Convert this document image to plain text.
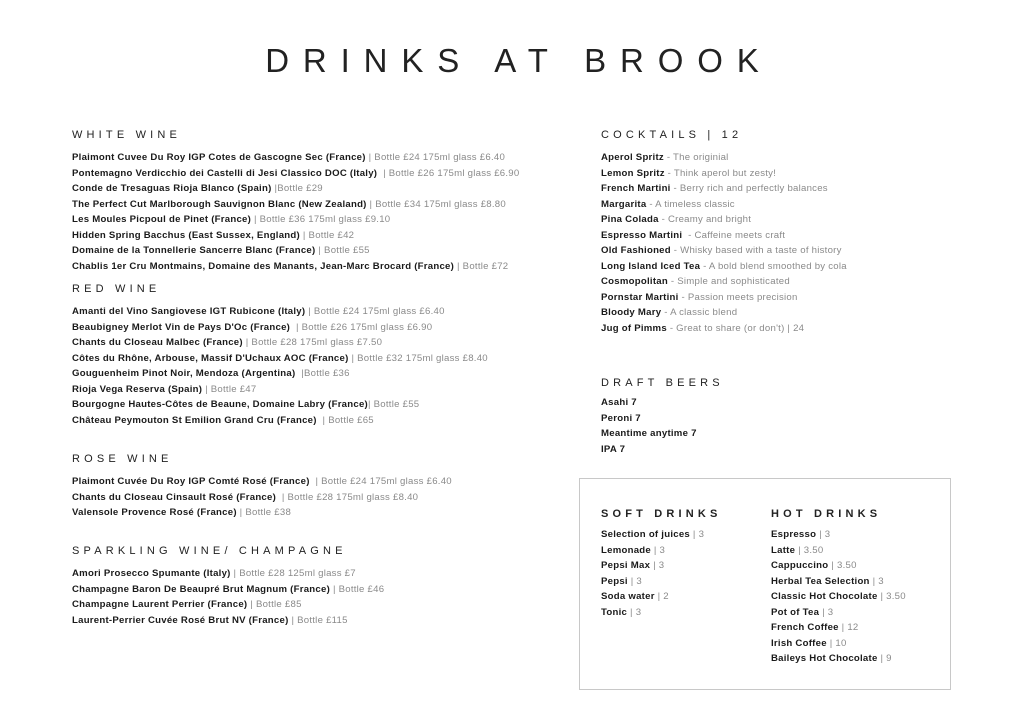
DRINKS AT BROOK
WHITE WINE
Plaimont Cuvee Du Roy IGP Cotes de Gascogne Sec (France) | Bottle £24 175ml glass £6.40
Pontemagno Verdicchio dei Castelli di Jesi Classico DOC (Italy)  | Bottle £26 175ml glass £6.90
Conde de Tresaguas Rioja Blanco (Spain) |Bottle £29
The Perfect Cut Marlborough Sauvignon Blanc (New Zealand) | Bottle £34 175ml glass £8.80
Les Moules Picpoul de Pinet (France) | Bottle £36 175ml glass £9.10
Hidden Spring Bacchus (East Sussex, England) | Bottle £42
Domaine de la Tonnellerie Sancerre Blanc (France) | Bottle £55
Chablis 1er Cru Montmains, Domaine des Manants, Jean-Marc Brocard (France) | Bottle £72
RED WINE
Amanti del Vino Sangiovese IGT Rubicone (Italy) | Bottle £24 175ml glass £6.40
Beaubigney Merlot Vin de Pays D'Oc (France)  | Bottle £26 175ml glass £6.90
Chants du Closeau Malbec (France) | Bottle £28 175ml glass £7.50
Côtes du Rhône, Arbouse, Massif D'Uchaux AOC (France) | Bottle £32 175ml glass £8.40
Gouguenheim Pinot Noir, Mendoza (Argentina)  |Bottle £36
Rioja Vega Reserva (Spain) | Bottle £47
Bourgogne Hautes-Côtes de Beaune, Domaine Labry (France)| Bottle £55
Château Peymouton St Emilion Grand Cru (France)  | Bottle £65
ROSE WINE
Plaimont Cuvée Du Roy IGP Comté Rosé (France)  | Bottle £24 175ml glass £6.40
Chants du Closeau Cinsault Rosé (France)  | Bottle £28 175ml glass £8.40
Valensole Provence Rosé (France) | Bottle £38
SPARKLING WINE/ CHAMPAGNE
Amori Prosecco Spumante (Italy) | Bottle £28 125ml glass £7
Champagne Baron De Beaupré Brut Magnum (France) | Bottle £46
Champagne Laurent Perrier (France) | Bottle £85
Laurent-Perrier Cuvée Rosé Brut NV (France) | Bottle £115
COCKTAILS | 12
Aperol Spritz - The originial
Lemon Spritz - Think aperol but zesty!
French Martini - Berry rich and perfectly balances
Margarita - A timeless classic
Pina Colada - Creamy and bright
Espresso Martini  - Caffeine meets craft
Old Fashioned - Whisky based with a taste of history
Long Island Iced Tea - A bold blend smoothed by cola
Cosmopolitan - Simple and sophisticated
Pornstar Martini - Passion meets precision
Bloody Mary - A classic blend
Jug of Pimms - Great to share (or don't) | 24
DRAFT BEERS
Asahi 7
Peroni 7
Meantime anytime 7
IPA 7
SOFT DRINKS
Selection of juices | 3
Lemonade | 3
Pepsi Max | 3
Pepsi | 3
Soda water | 2
Tonic | 3
HOT DRINKS
Espresso | 3
Latte | 3.50
Cappuccino | 3.50
Herbal Tea Selection | 3
Classic Hot Chocolate | 3.50
Pot of Tea | 3
French Coffee | 12
Irish Coffee | 10
Baileys Hot Chocolate | 9
